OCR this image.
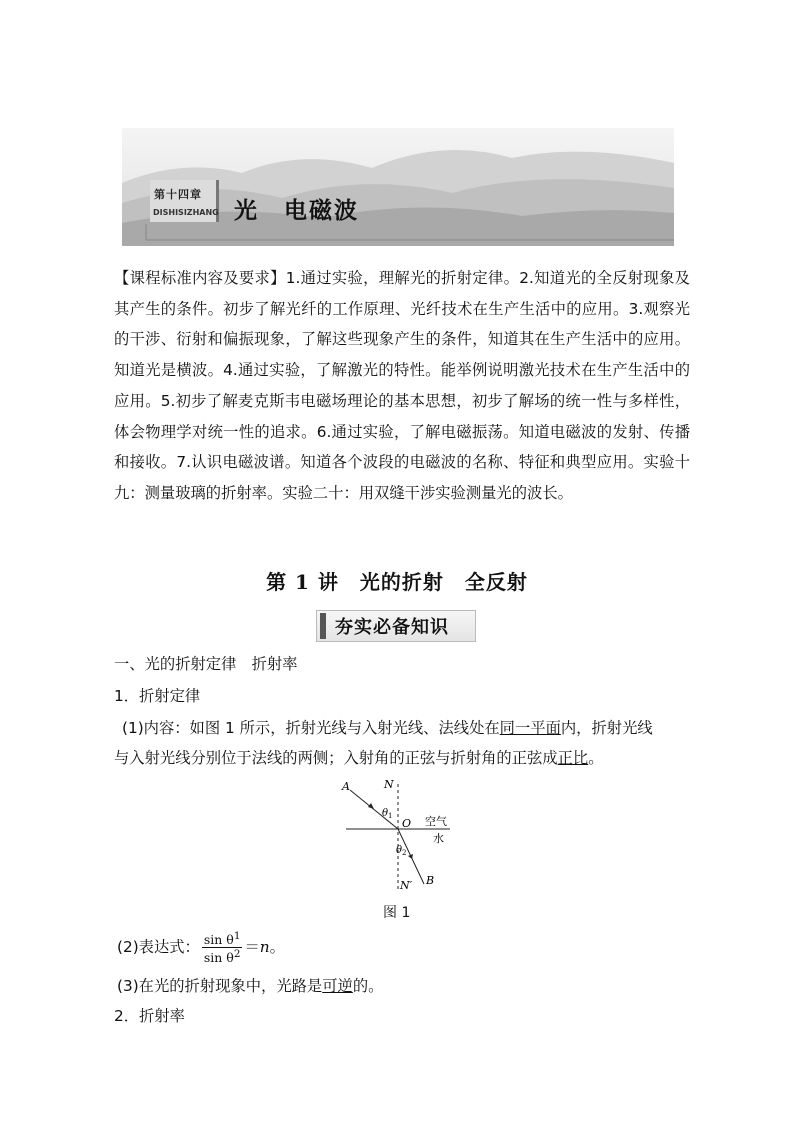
第十四章
DISHISIZHANG 光　电磁波
【课程标准内容及要求】1.通过实验，理解光的折射定律。2.知道光的全反射现象及其产生的条件。初步了解光纤的工作原理、光纤技术在生产生活中的应用。3.观察光的干涉、衍射和偏振现象，了解这些现象产生的条件，知道其在生产生活中的应用。知道光是横波。4.通过实验，了解激光的特性。能举例说明激光技术在生产生活中的应用。5.初步了解麦克斯韦电磁场理论的基本思想，初步了解场的统一性与多样性，体会物理学对统一性的追求。6.通过实验，了解电磁振荡。知道电磁波的发射、传播和接收。7.认识电磁波谱。知道各个波段的电磁波的名称、特征和典型应用。实验十九：测量玻璃的折射率。实验二十：用双缝干涉实验测量光的波长。
第 1 讲　光的折射　全反射
夯实必备知识
一、光的折射定律　折射率
1．折射定律
(1)内容：如图 1 所示，折射光线与入射光线、法线处在同一平面内，折射光线
与入射光线分别位于法线的两侧；入射角的正弦与折射角的正弦成正比。
A	N
θ 1
O 空气
水
θ 2
B
N′
图 1
(2)表达式： $\frac{\sin \theta^1}{\sin \theta^2} =n$。
(3)在光的折射现象中，光路是可逆的。
2．折射率
